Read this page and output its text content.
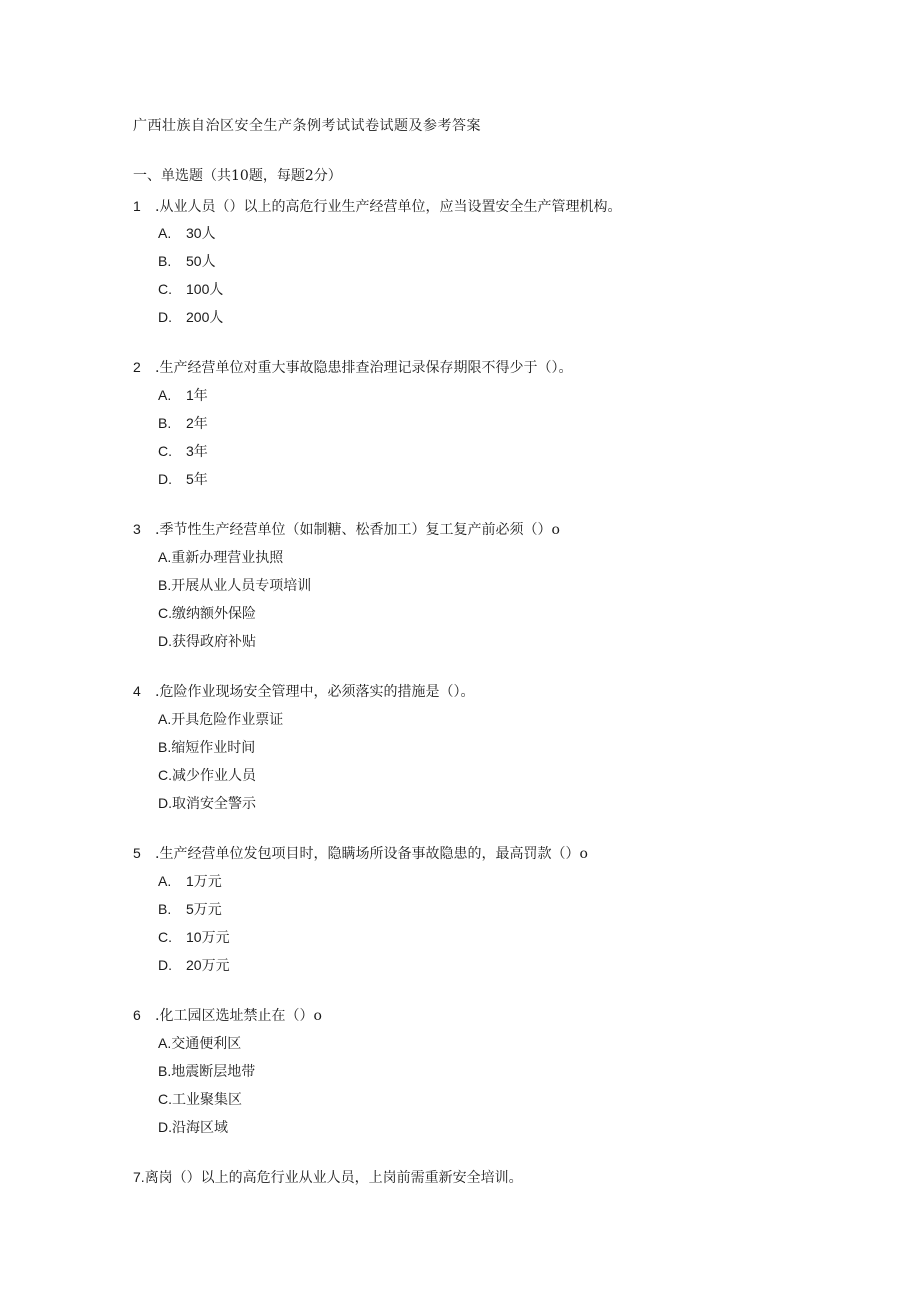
广西壮族自治区安全生产条例考试试卷试题及参考答案
一、单选题（共10题，每题2分）
1 .从业人员（）以上的高危行业生产经营单位，应当设置安全生产管理机构。
A. 30人
B. 50人
C. 100人
D. 200人
2 .生产经营单位对重大事故隐患排查治理记录保存期限不得少于（）。
A. 1年
B. 2年
C. 3年
D. 5年
3 .季节性生产经营单位（如制糖、松香加工）复工复产前必须（）o
A.重新办理营业执照
B.开展从业人员专项培训
C.缴纳额外保险
D.获得政府补贴
4 .危险作业现场安全管理中，必须落实的措施是（）。
A.开具危险作业票证
B.缩短作业时间
C.减少作业人员
D.取消安全警示
5 .生产经营单位发包项目时，隐瞒场所设备事故隐患的，最高罚款（）o
A. 1万元
B. 5万元
C. 10万元
D. 20万元
6 .化工园区选址禁止在（）o
A.交通便利区
B.地震断层地带
C.工业聚集区
D.沿海区域
7.离岗（）以上的高危行业从业人员，上岗前需重新安全培训。
